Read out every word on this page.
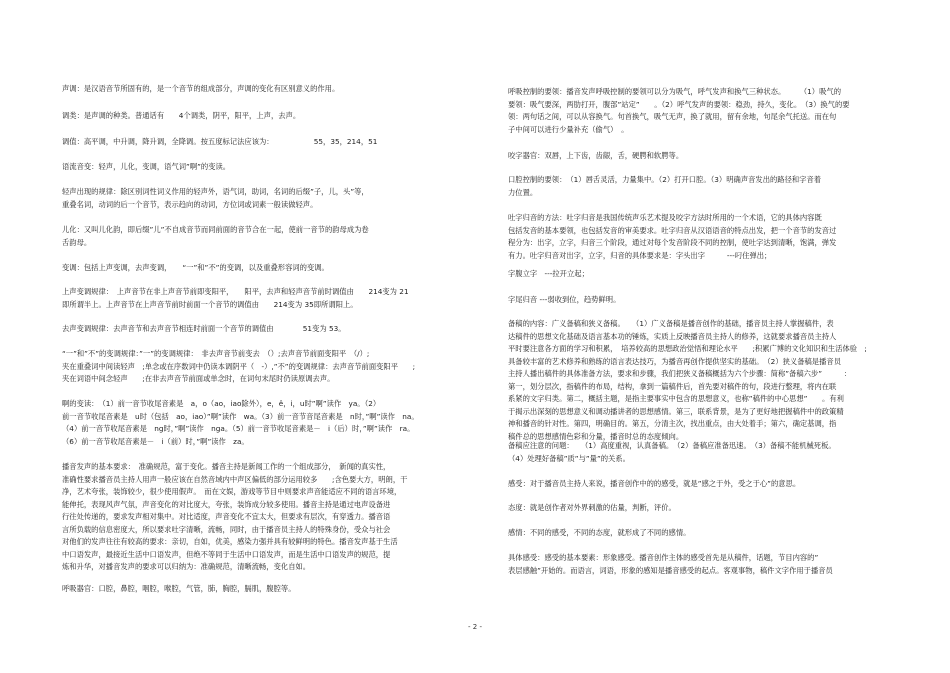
声调：是汉语音节所固有的，是一个音节的组成部分，声调的变化有区别意义的作用。
调类：是声调的种类。普通话有　　4个调类，阴平，阳平，上声，去声。
调值：高平调，中升调，降升调，全降调。按五度标记法应该为：　　　　　　55，35，214，51
语流音变：轻声，儿化，变调，语气词”啊”的变读。
轻声出现的规律：除区别词性词义作用的轻声外，语气词，助词，名词的后缀”子，儿，头”等，
重叠名词，动词的后一个音节，表示趋向的动词，方位词或词素一般读做轻声。
儿化：又叫儿化韵，即后缀”儿”不自成音节而同前面的音节合在一起，使前一音节的韵母成为卷
舌韵母。
变调：包括上声变调，去声变调，　　“一”和”不”的变调，以及重叠形容词的变调。
上声变调规律：　上声音节在非上声音节前即变阳平，　　阳平，去声和轻声音节前时调值由　　214变为 21
即所谓半上。上声音节在上声音节前时前面一个音节的调值由　　214变为 35即所谓阳上。
去声变调规律：去声音节和去声音节相连时前面一个音节的调值由　　　　51变为 53。
“一”和”不”的变调规律：”一”的变调规律：　非去声音节前变去　（）;去声音节前面变阳平　（/）;
夹在重叠词中间读轻声　;单念或在序数词中仍读本调阴平（　-）,”不”的变调规律：去声音节前面变阳平　　;
夹在词语中间念轻声　　;在非去声音节前面或单念时，在词句末尾时仍读原调去声。
啊的变读：　（1）前一音节收尾音素是　a，o（ao，iao除外），e，ê，i，u时”啊”读作　ya。（2）
前一音节收尾音素是　u时（包括　ao，iao）”啊”读作　wa。（3）前一音节音尾音素是　n时，”啊”读作　na。
（4）前一音节收尾音素是　ng时，”啊”读作　nga。（5）前一音节收尾音素是－　i（后）时，”啊”读作　ra。
（6）前一音节收尾音素是－　i（前）时，”啊”读作　za。
播音发声的基本要求：　准确规范，富于变化。播音主持是新闻工作的一个组成部分，　新闻的真实性，
准确性要求播音员主持人用声一般应该在自然音域内中声区偏低的部分运用较多　　;含色要大方，明朗，干
净，艺术夸张，装饰较少，很少使用假声。　而在文娱，游戏等节目中则要求声音能适应不同的语言环境，
能伸托，表现风声气氛，声音变化的对比度大，夸张，装饰成分较多使用。播音主持是通过电声设备进
行往处传递的，要求发声相对集中。对比适度，声音变化不宜太大，但要求有层次，有穿透力。播音语
言所负载的信息密度大，所以要求吐字清晰，流畅，同时，由于播音员主持人的特殊身份，受众与社会
对他们的发声往往有较高的要求：亲切，自如，优美，感染力强并具有较鲜明的特色。播音发声基于生活
中口语发声，最接近生活中口语发声，但绝不等同于生活中口语发声，而是生活中口语发声的规范，提
炼和升华，对播音发声的要求可以归纳为：准确规范，清晰流畅，变化自如。
呼吸器官：口腔，鼻腔，咽腔，喉腔，气管，肺，胸腔，膈肌，腹腔等。
呼吸控制的要领：播音发声呼吸控制的要领可以分为吸气，呼气发声和换气三种状态。　　　（1）吸气的
要领：吸气要深，两肋打开，腹部”站定”　　。（2）呼气发声的要领：稳劲，持久，变化。　（3）换气的要
领：两句话之间，可以从容换气。句首换气，吸气无声，换了就用，留有余地，句尾余气托送。而在句
子中间可以进行少量补充（偷气）　。
咬字器官：双唇，上下齿，齿龈，舌，硬腭和软腭等。
口腔控制的要领：　（1）唇舌灵活，力量集中。（2）打开口腔。（3）明确声音发出的路径和字音着
力位置。
吐字归音的方法：吐字归音是我国传统声乐艺术提及咬字方法时所用的一个术语，它的具体内容既
包括发音的基本要领，也包括发音的审美要求。吐字归音从汉语语音的特点出发，把一个音节的发音过
程分为：出字，立字，归音三个阶段，通过对每个发音阶段不同的控制，使吐字达到清晰，饱满，弹发
有力。吐字归音对出字，立字，归音的具体要求是：字头出字　　　---叼住弹出；
字腹立字　---拉开立起；
字尾归音 ---弱收到位，趋势鲜明。
备稿的内容：广义备稿和狭义备稿。　　（1）广义备稿是播音创作的基础，播音员主持人掌握稿件，表
达稿件的思想文化基础及语言基本功的锤炼，实质上反映播音员主持人的修养，这就要求播音员主持人
平时要注意各方面的学习和积累，　培养较高的思想政治觉悟和理论水平　　;积累广博的文化知识和生活体验　;
具备较丰富的艺术修养和熟练的语言表达技巧，为播音再创作提供坚实的基础。　（2）狭义备稿是播音员
主持人播出稿件的具体准备方法，要求和步骤，我们把狭义备稿概括为六个步骤：简称”备稿六步”　　　：
第一，划分层次，指稿件的布局，结构，拿到一篇稿件后，首先要对稿件的句，段进行整理，将内在联
系紧的文字归类。第二，概括主题，是指主要事实中包含的思想意义，也称”稿件的中心思想”　　。有利
于揭示出深刻的思想意义和调动播讲者的思想感情。第三，联系背景，是为了更好地把握稿件中的政策精
神和播音的针对性。第四，明确目的。第五，分清主次，找出重点，由大处着手；第六，确定基调，指
稿件总的思想感情色彩和分量，播音时总的态度倾向。
备稿应注意的问题：　　（1）高度重视，认真备稿。　（2）备稿应准备迅速。　（3）备稿不能机械死板。
（4）处理好备稿”质”与”量”的关系。
感受：对于播音员主持人来说，播音创作中的的感受，就是”感之于外，受之于心”的意思。
态度：就是创作者对外界刺激的估量，判断，评价。
感情：不同的感受，不同的态度，就形成了不同的感情。
具体感受：感受的基本要素：形象感受。播音创作主体的感受首先是从稿件，话题，节目内容的”
表层感触”开始的。而语言，词语，形象的感知是播音感受的起点。客观事物，稿件文字作用于播音员
- 2 -
